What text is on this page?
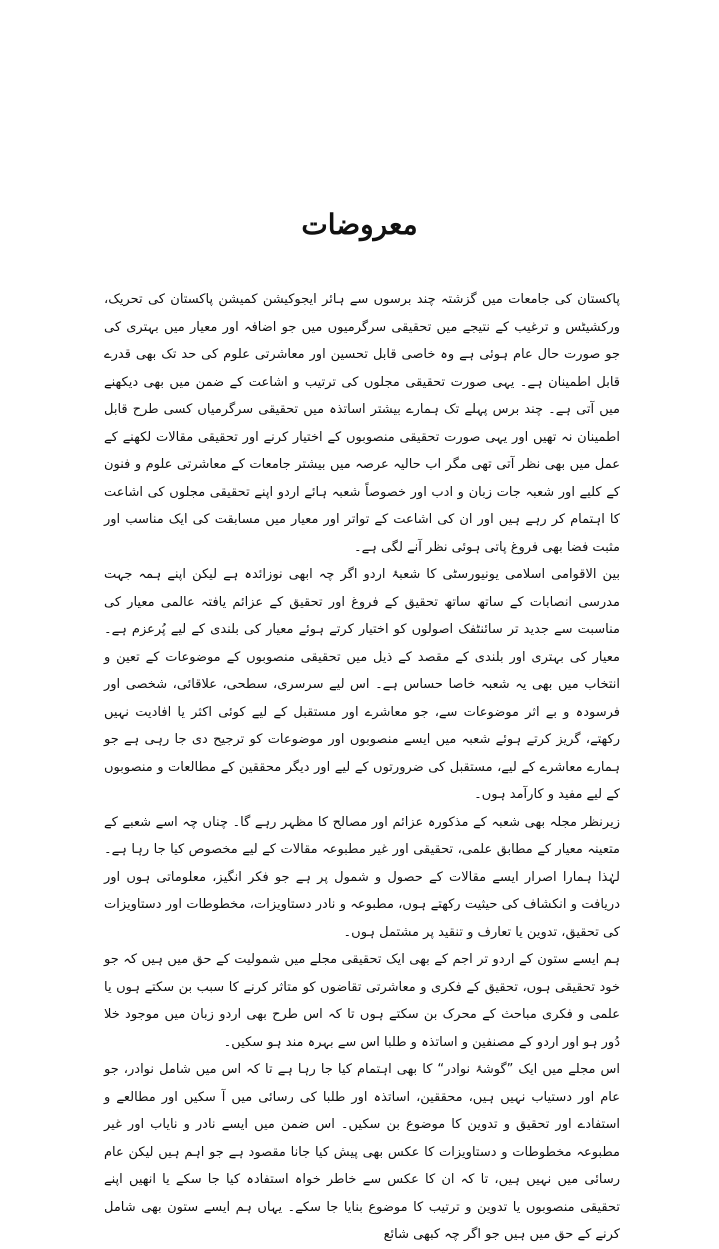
معروضات

پاکستان کی جامعات میں گزشتہ چند برسوں سے ہائر ایجوکیشن کمیشن پاکستان کی تحریک، ورکشیٹس و ترغیب کے نتیجے میں تحقیقی سرگرمیوں میں جو اضافہ اور معیار میں بہتری کی جو صورت حال عام ہوئی ہے وہ خاصی قابل تحسین اور معاشرتی علوم کی حد تک بھی قدرے قابل اطمینان ہے۔ یہی صورت تحقیقی مجلوں کی ترتیب و اشاعت کے ضمن میں بھی دیکھنے میں آتی ہے۔ چند برس پہلے تک ہمارے بیشتر اساتذہ میں تحقیقی سرگرمیاں کسی طرح قابل اطمینان نہ تھیں اور یہی صورت تحقیقی منصوبوں کے اختیار کرنے اور تحقیقی مقالات لکھنے کے عمل میں بھی نظر آتی تھی مگر اب حالیہ عرصہ میں بیشتر جامعات کے معاشرتی علوم و فنون کے کلیے اور شعبہ جات زبان و ادب اور خصوصاً شعبہ ہائے اردو اپنے تحقیقی مجلوں کی اشاعت کا اہتمام کر رہے ہیں اور ان کی اشاعت کے تواتر اور معیار میں مسابقت کی ایک مناسب اور مثبت فضا بھی فروغ پاتی ہوئی نظر آنے لگی ہے۔

بین الاقوامی اسلامی یونیورسٹی کا شعبۂ اردو اگر چہ ابھی نوزائدہ ہے لیکن اپنے ہمہ جہت مدرسی انصابات کے ساتھ ساتھ تحقیق کے فروغ اور تحقیق کے عزائم یافتہ عالمی معیار کی مناسبت سے جدید تر سائنٹفک اصولوں کو اختیار کرتے ہوئے معیار کی بلندی کے لیے پُرعزم ہے۔ معیار کی بہتری اور بلندی کے مقصد کے ذیل میں تحقیقی منصوبوں کے موضوعات کے تعین و انتخاب میں بھی یہ شعبہ خاصا حساس ہے۔ اس لیے سرسری، سطحی، علاقائی، شخصی اور فرسودہ و بے اثر موضوعات سے، جو معاشرے اور مستقبل کے لیے کوئی اکثر یا افادیت نہیں رکھتے، گریز کرتے ہوئے شعبہ میں ایسے منصوبوں اور موضوعات کو ترجیح دی جا رہی ہے جو ہمارے معاشرے کے لیے، مستقبل کی ضرورتوں کے لیے اور دیگر محققین کے مطالعات و منصوبوں کے لیے مفید و کارآمد ہوں۔

زیرنظر مجلہ بھی شعبہ کے مذکورہ عزائم اور مصالح کا مظہر رہے گا۔ چناں چہ اسے شعبے کے متعینہ معیار کے مطابق علمی، تحقیقی اور غیر مطبوعہ مقالات کے لیے مخصوص کیا جا رہا ہے۔ لہٰذا ہمارا اصرار ایسے مقالات کے حصول و شمول پر ہے جو فکر انگیز، معلوماتی ہوں اور دریافت و انکشاف کی حیثیت رکھتے ہوں، مطبوعہ و نادر دستاویزات، مخطوطات اور دستاویزات کی تحقیق، تدوین یا تعارف و تنقید پر مشتمل ہوں۔

ہم ایسے ستون کے اردو تر اجم کے بھی ایک تحقیقی مجلے میں شمولیت کے حق میں ہیں کہ جو خود تحقیقی ہوں، تحقیق کے فکری و معاشرتی تقاضوں کو متاثر کرنے کا سبب بن سکتے ہوں یا علمی و فکری مباحث کے محرک بن سکتے ہوں تا کہ اس طرح بھی اردو زبان میں موجود خلا دُور ہو اور اردو کے مصنفین و اساتذہ و طلبا اس سے بہرہ مند ہو سکیں۔

اس مجلے میں ایک ”گوشۂ نوادر“ کا بھی اہتمام کیا جا رہا ہے تا کہ اس میں شامل نوادر، جو عام اور دستیاب نہیں ہیں، محققین، اساتذہ اور طلبا کی رسائی میں آ سکیں اور مطالعے و استفادے اور تحقیق و تدوین کا موضوع بن سکیں۔ اس ضمن میں ایسے نادر و نایاب اور غیر مطبوعہ مخطوطات و دستاویزات کا عکس بھی پیش کیا جانا مقصود ہے جو اہم ہیں لیکن عام رسائی میں نہیں ہیں، تا کہ ان کا عکس سے خاطر خواہ استفادہ کیا جا سکے یا انھیں اپنے تحقیقی منصوبوں یا تدوین و ترتیب کا موضوع بنایا جا سکے۔ یہاں ہم ایسے ستون بھی شامل کرنے کے حق میں ہیں جو اگر چہ کبھی شائع
